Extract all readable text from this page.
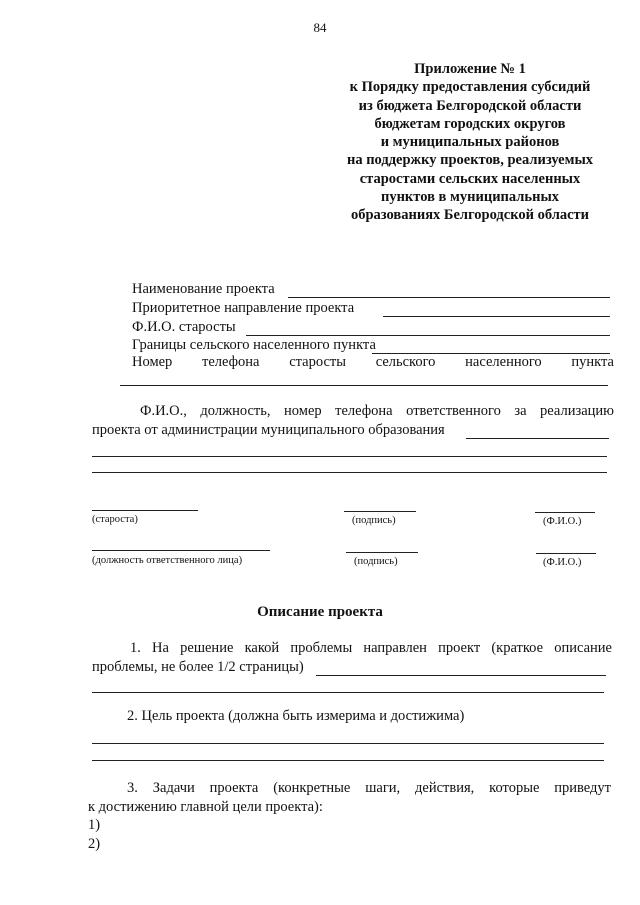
84
Приложение № 1
к Порядку предоставления субсидий
из бюджета Белгородской области
бюджетам городских округов
и муниципальных районов
на поддержку проектов, реализуемых
старостами сельских населенных
пунктов в муниципальных
образованиях Белгородской области
Наименование проекта
Приоритетное направление проекта
Ф.И.О. старосты
Границы сельского населенного пункта
Номер телефона старосты сельского населенного пункта
Ф.И.О., должность, номер телефона ответственного за реализацию
проекта от администрации муниципального образования
(староста)	(подпись)	(Ф.И.О.)
(должность ответственного лица)	(подпись)	(Ф.И.О.)
Описание проекта
1. На решение какой проблемы направлен проект (краткое описание
проблемы, не более 1/2 страницы)
2. Цель проекта (должна быть измерима и достижима)
3. Задачи проекта (конкретные шаги, действия, которые приведут
к достижению главной цели проекта):
1)
2)
